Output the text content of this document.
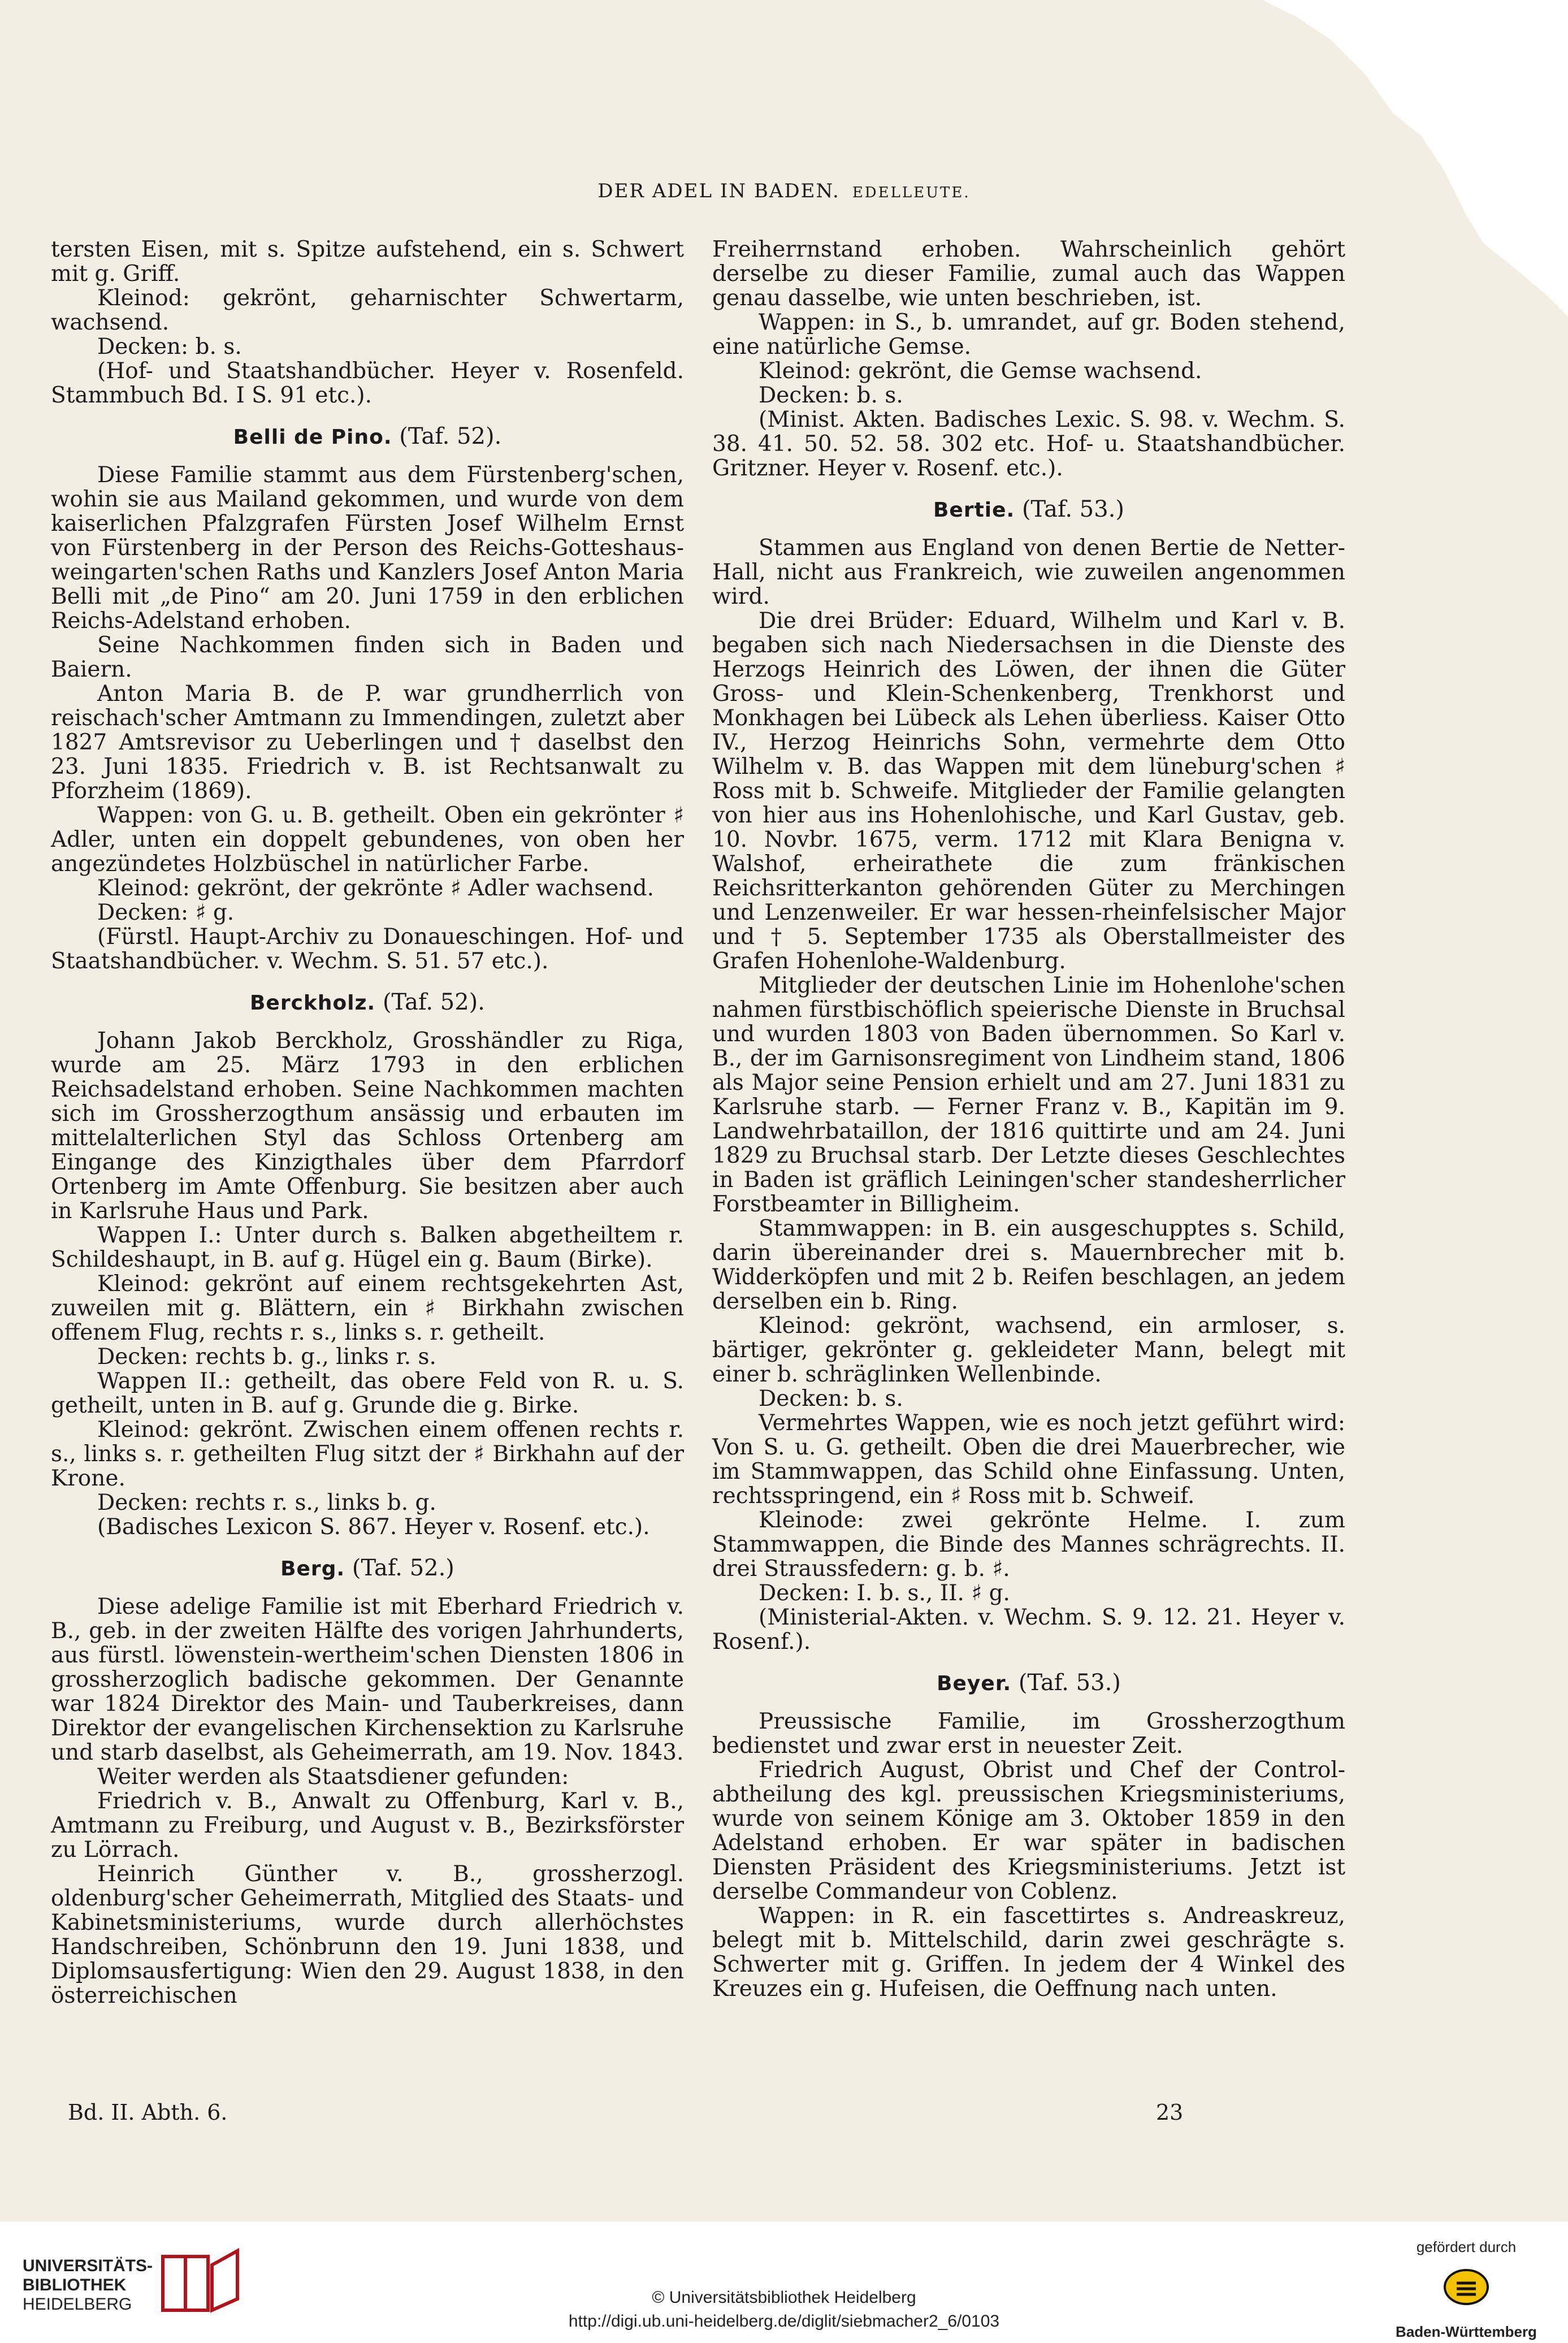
DER ADEL IN BADEN. EDELLEUTE.

tersten Eisen, mit s. Spitze aufstehend, ein s. Schwert mit g. Griff.

Kleinod: gekrönt, geharnischter Schwertarm, wachsend.

Decken: b. s.

(Hof- und Staatshandbücher. Heyer v. Rosenfeld. Stammbuch Bd. I S. 91 etc.).

Belli de Pino. (Taf. 52).

Diese Familie stammt aus dem Fürstenberg'schen, wohin sie aus Mailand gekommen, und wurde von dem kaiserlichen Pfalzgrafen Fürsten Josef Wilhelm Ernst von Fürstenberg in der Person des Reichs-Gotteshaus-weingarten'schen Raths und Kanzlers Josef Anton Maria Belli mit „de Pino“ am 20. Juni 1759 in den erblichen Reichs-Adelstand erhoben.

Seine Nachkommen finden sich in Baden und Baiern.

Anton Maria B. de P. war grundherrlich von reischach'scher Amtmann zu Immendingen, zuletzt aber 1827 Amtsrevisor zu Ueberlingen und † daselbst den 23. Juni 1835. Friedrich v. B. ist Rechtsanwalt zu Pforzheim (1869).

Wappen: von G. u. B. getheilt. Oben ein gekrönter ♯ Adler, unten ein doppelt gebundenes, von oben her angezündetes Holzbüschel in natürlicher Farbe.

Kleinod: gekrönt, der gekrönte ♯ Adler wachsend.

Decken: ♯ g.

(Fürstl. Haupt-Archiv zu Donaueschingen. Hof- und Staatshandbücher. v. Wechm. S. 51. 57 etc.).

Berckholz. (Taf. 52).

Johann Jakob Berckholz, Grosshändler zu Riga, wurde am 25. März 1793 in den erblichen Reichsadelstand erhoben. Seine Nachkommen machten sich im Grossherzogthum ansässig und erbauten im mittelalterlichen Styl das Schloss Ortenberg am Eingange des Kinzigthales über dem Pfarrdorf Ortenberg im Amte Offenburg. Sie besitzen aber auch in Karlsruhe Haus und Park.

Wappen I.: Unter durch s. Balken abgetheiltem r. Schildeshaupt, in B. auf g. Hügel ein g. Baum (Birke).

Kleinod: gekrönt auf einem rechtsgekehrten Ast, zuweilen mit g. Blättern, ein ♯ Birkhahn zwischen offenem Flug, rechts r. s., links s. r. getheilt.

Decken: rechts b. g., links r. s.

Wappen II.: getheilt, das obere Feld von R. u. S. getheilt, unten in B. auf g. Grunde die g. Birke.

Kleinod: gekrönt. Zwischen einem offenen rechts r. s., links s. r. getheilten Flug sitzt der ♯ Birkhahn auf der Krone.

Decken: rechts r. s., links b. g.

(Badisches Lexicon S. 867. Heyer v. Rosenf. etc.).

Berg. (Taf. 52.)

Diese adelige Familie ist mit Eberhard Friedrich v. B., geb. in der zweiten Hälfte des vorigen Jahrhunderts, aus fürstl. löwenstein-wertheim'schen Diensten 1806 in grossherzoglich badische gekommen. Der Genannte war 1824 Direktor des Main- und Tauberkreises, dann Direktor der evangelischen Kirchensektion zu Karlsruhe und starb daselbst, als Geheimerrath, am 19. Nov. 1843.

Weiter werden als Staatsdiener gefunden:

Friedrich v. B., Anwalt zu Offenburg, Karl v. B., Amtmann zu Freiburg, und August v. B., Bezirksförster zu Lörrach.

Heinrich Günther v. B., grossherzogl. oldenburg'scher Geheimerrath, Mitglied des Staats- und Kabinetsministeriums, wurde durch allerhöchstes Handschreiben, Schönbrunn den 19. Juni 1838, und Diplomsausfertigung: Wien den 29. August 1838, in den österreichischen

Freiherrnstand erhoben. Wahrscheinlich gehört derselbe zu dieser Familie, zumal auch das Wappen genau dasselbe, wie unten beschrieben, ist.

Wappen: in S., b. umrandet, auf gr. Boden stehend, eine natürliche Gemse.

Kleinod: gekrönt, die Gemse wachsend.

Decken: b. s.

(Minist. Akten. Badisches Lexic. S. 98. v. Wechm. S. 38. 41. 50. 52. 58. 302 etc. Hof- u. Staatshandbücher. Gritzner. Heyer v. Rosenf. etc.).

Bertie. (Taf. 53.)

Stammen aus England von denen Bertie de Netter-Hall, nicht aus Frankreich, wie zuweilen angenommen wird.

Die drei Brüder: Eduard, Wilhelm und Karl v. B. begaben sich nach Niedersachsen in die Dienste des Herzogs Heinrich des Löwen, der ihnen die Güter Gross- und Klein-Schenkenberg, Trenkhorst und Monkhagen bei Lübeck als Lehen überliess. Kaiser Otto IV., Herzog Heinrichs Sohn, vermehrte dem Otto Wilhelm v. B. das Wappen mit dem lüneburg'schen ♯ Ross mit b. Schweife. Mitglieder der Familie gelangten von hier aus ins Hohenlohische, und Karl Gustav, geb. 10. Novbr. 1675, verm. 1712 mit Klara Benigna v. Walshof, erheirathete die zum fränkischen Reichsritterkanton gehörenden Güter zu Merchingen und Lenzenweiler. Er war hessen-rheinfelsischer Major und † 5. September 1735 als Oberstallmeister des Grafen Hohenlohe-Waldenburg.

Mitglieder der deutschen Linie im Hohenlohe'schen nahmen fürstbischöflich speierische Dienste in Bruchsal und wurden 1803 von Baden übernommen. So Karl v. B., der im Garnisonsregiment von Lindheim stand, 1806 als Major seine Pension erhielt und am 27. Juni 1831 zu Karlsruhe starb. — Ferner Franz v. B., Kapitän im 9. Landwehrbataillon, der 1816 quittirte und am 24. Juni 1829 zu Bruchsal starb. Der Letzte dieses Geschlechtes in Baden ist gräflich Leiningen'scher standesherrlicher Forstbeamter in Billigheim.

Stammwappen: in B. ein ausgeschupptes s. Schild, darin übereinander drei s. Mauernbrecher mit b. Widderköpfen und mit 2 b. Reifen beschlagen, an jedem derselben ein b. Ring.

Kleinod: gekrönt, wachsend, ein armloser, s. bärtiger, gekrönter g. gekleideter Mann, belegt mit einer b. schräglinken Wellenbinde.

Decken: b. s.

Vermehrtes Wappen, wie es noch jetzt geführt wird: Von S. u. G. getheilt. Oben die drei Mauerbrecher, wie im Stammwappen, das Schild ohne Einfassung. Unten, rechtsspringend, ein ♯ Ross mit b. Schweif.

Kleinode: zwei gekrönte Helme. I. zum Stammwappen, die Binde des Mannes schrägrechts. II. drei Straussfedern: g. b. ♯.

Decken: I. b. s., II. ♯ g.

(Ministerial-Akten. v. Wechm. S. 9. 12. 21. Heyer v. Rosenf.).

Beyer. (Taf. 53.)

Preussische Familie, im Grossherzogthum bedienstet und zwar erst in neuester Zeit.

Friedrich August, Obrist und Chef der Control-abtheilung des kgl. preussischen Kriegsministeriums, wurde von seinem Könige am 3. Oktober 1859 in den Adelstand erhoben. Er war später in badischen Diensten Präsident des Kriegsministeriums. Jetzt ist derselbe Commandeur von Coblenz.

Wappen: in R. ein fascettirtes s. Andreaskreuz, belegt mit b. Mittelschild, darin zwei geschrägte s. Schwerter mit g. Griffen. In jedem der 4 Winkel des Kreuzes ein g. Hufeisen, die Oeffnung nach unten.

Bd. II. Abth. 6.	23
UNIVERSITÄTS-
BIBLIOTHEK
HEIDELBERG	© Universitätsbibliothek Heidelberg
http://digi.ub.uni-heidelberg.de/diglit/siebmacher2_6/0103
gefördert durch
Baden-Württemberg
